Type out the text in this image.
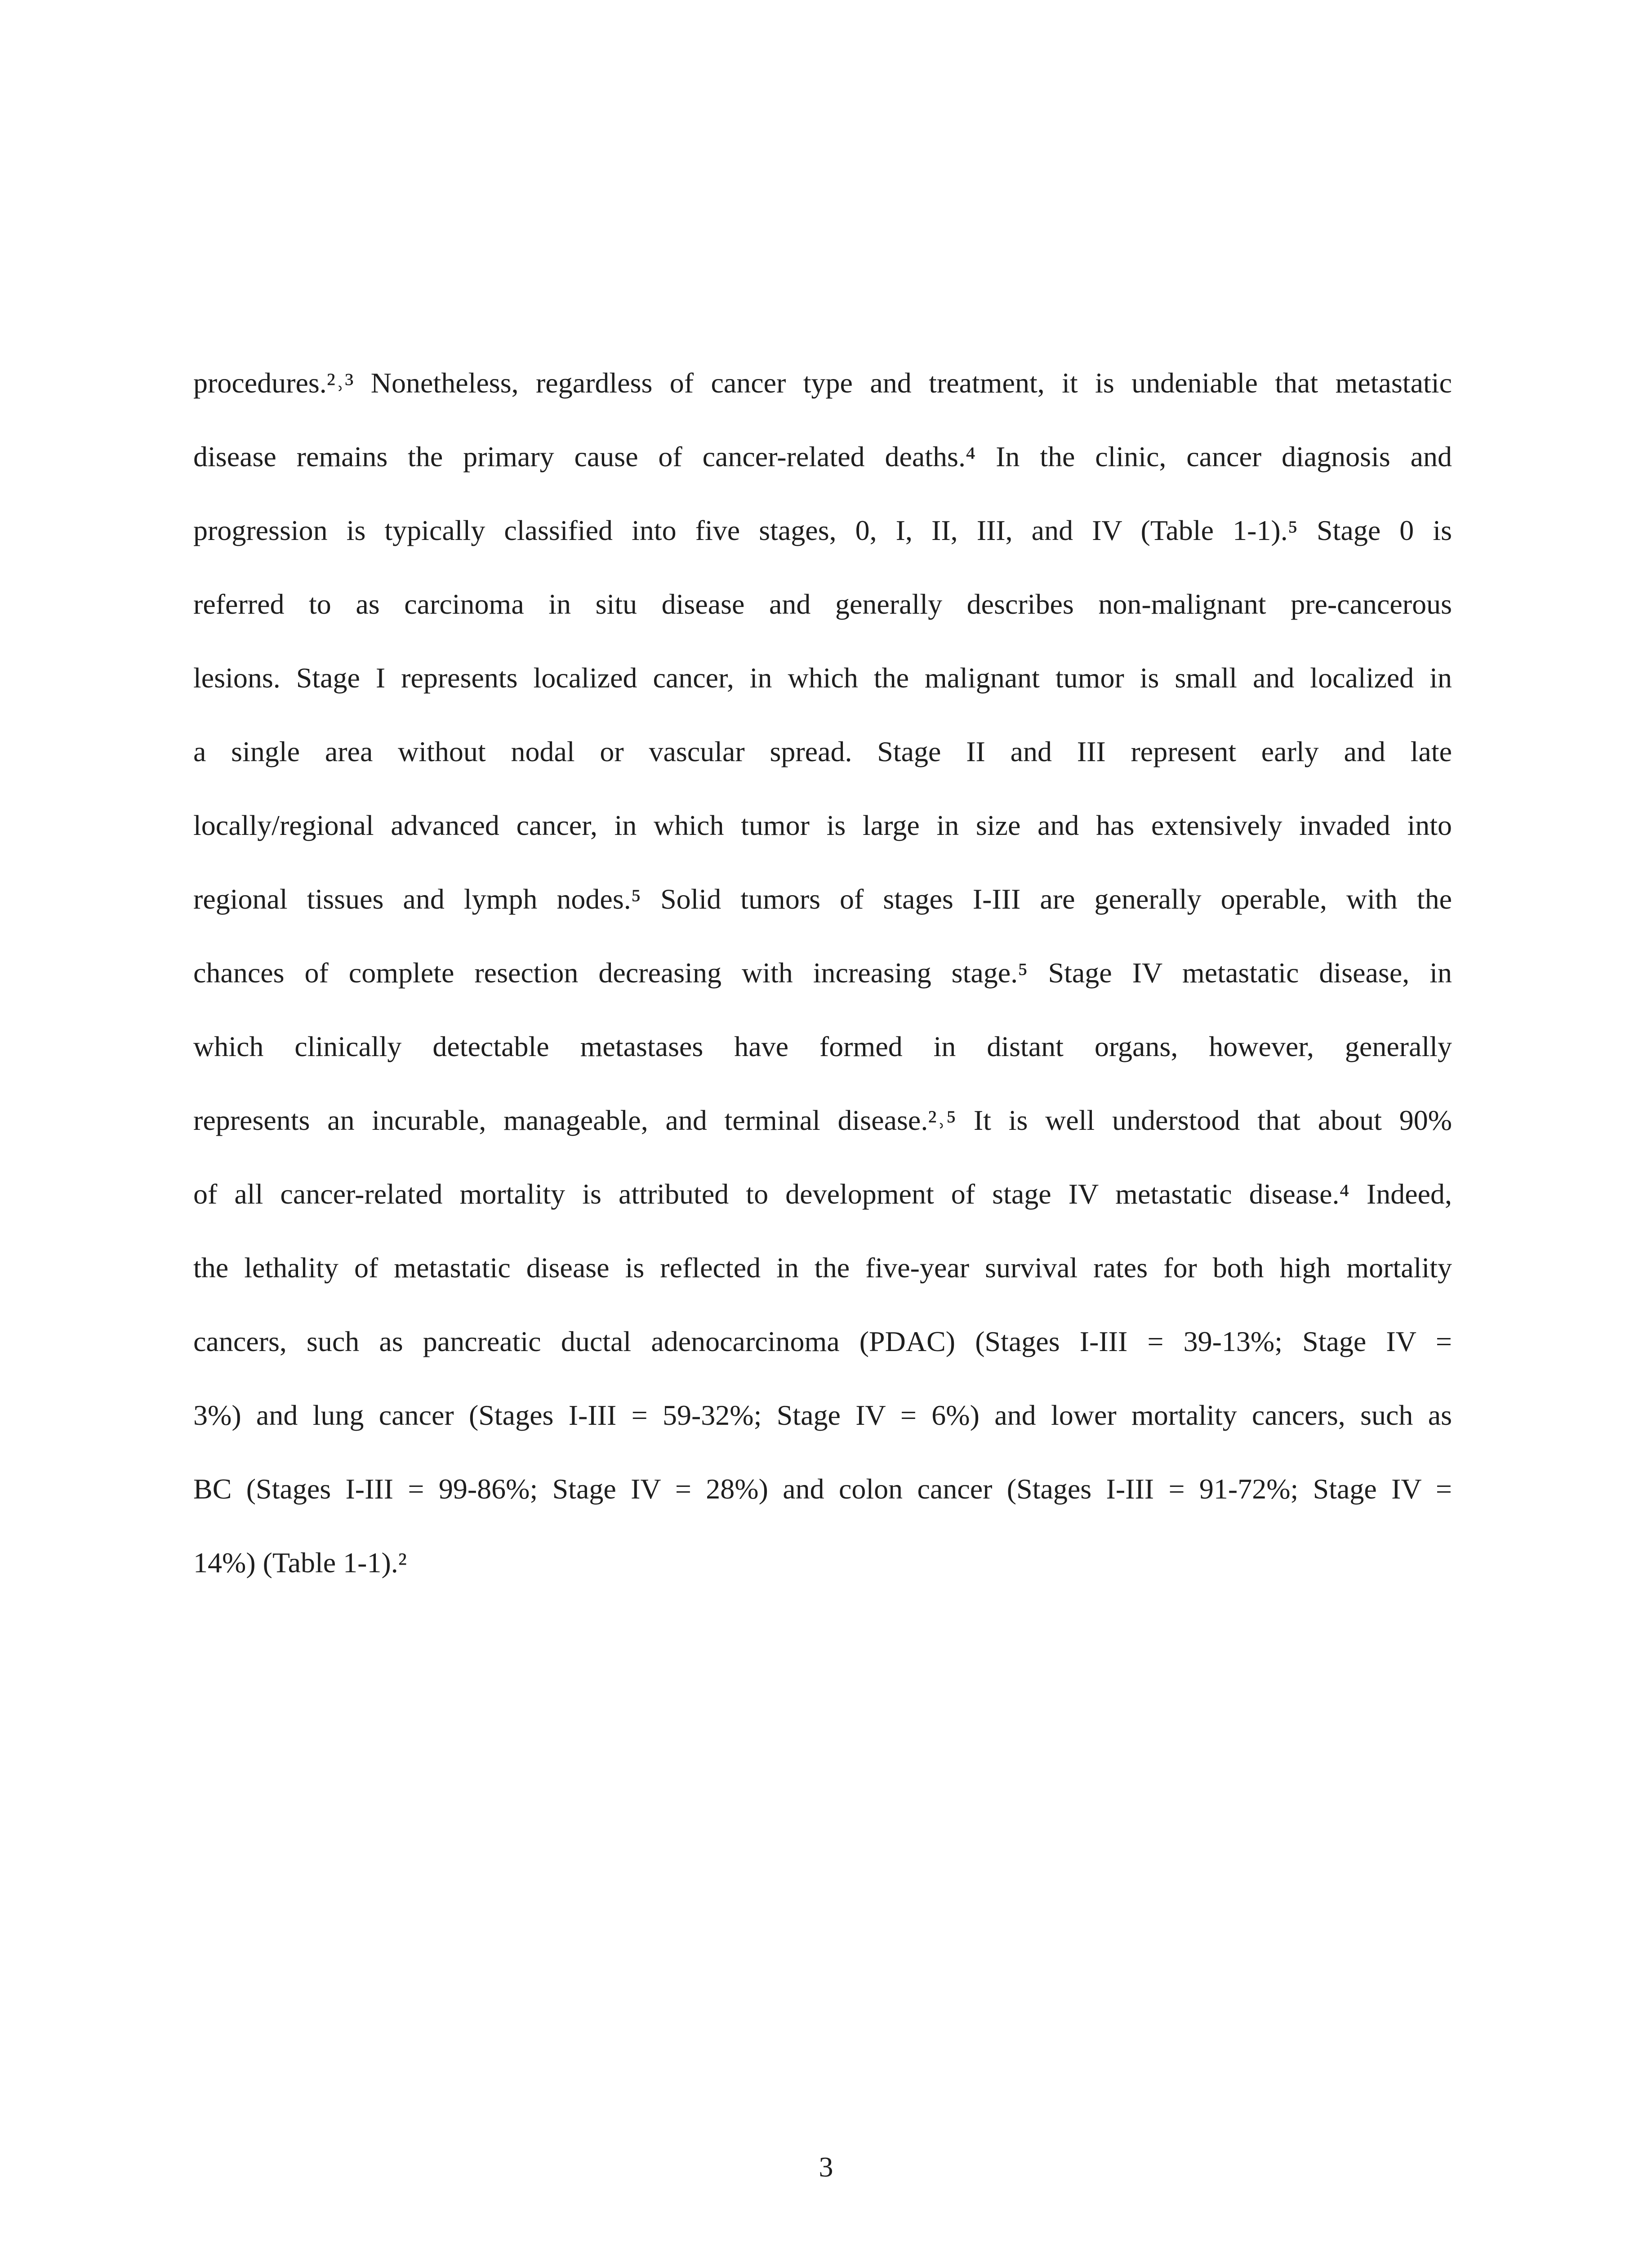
procedures.²˒³ Nonetheless, regardless of cancer type and treatment, it is undeniable that metastatic
disease remains the primary cause of cancer-related deaths.⁴ In the clinic, cancer diagnosis and
progression is typically classified into five stages, 0, I, II, III, and IV (Table 1-1).⁵ Stage 0 is
referred to as carcinoma in situ disease and generally describes non-malignant pre-cancerous
lesions. Stage I represents localized cancer, in which the malignant tumor is small and localized in
a single area without nodal or vascular spread. Stage II and III represent early and late
locally/regional advanced cancer, in which tumor is large in size and has extensively invaded into
regional tissues and lymph nodes.⁵ Solid tumors of stages I-III are generally operable, with the
chances of complete resection decreasing with increasing stage.⁵ Stage IV metastatic disease, in
which clinically detectable metastases have formed in distant organs, however, generally
represents an incurable, manageable, and terminal disease.²˒⁵ It is well understood that about 90%
of all cancer-related mortality is attributed to development of stage IV metastatic disease.⁴ Indeed,
the lethality of metastatic disease is reflected in the five-year survival rates for both high mortality
cancers, such as pancreatic ductal adenocarcinoma (PDAC) (Stages I-III = 39-13%; Stage IV =
3%) and lung cancer (Stages I-III = 59-32%; Stage IV = 6%) and lower mortality cancers, such as
BC (Stages I-III = 99-86%; Stage IV = 28%) and colon cancer (Stages I-III = 91-72%; Stage IV =
14%) (Table 1-1).²
3
